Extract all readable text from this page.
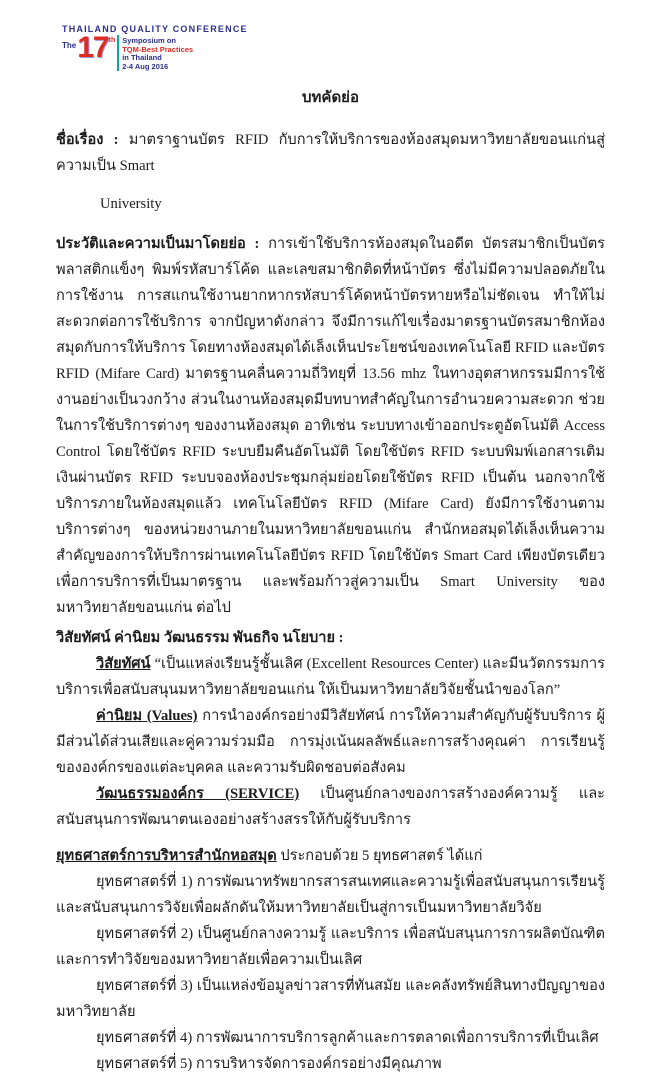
THAILAND QUALITY CONFERENCE
The 17 th Symposium on
TQM-Best Practices
in Thailand
2-4 Aug 2016
บทคัดย่อ

ชื่อเรื่อง : มาตราฐานบัตร RFID กับการให้บริการของห้องสมุดมหาวิทยาลัยขอนแก่นสู่ความเป็น Smart

University

ประวัติและความเป็นมาโดยย่อ : การเข้าใช้บริการห้องสมุดในอดีต บัตรสมาชิกเป็นบัตรพลาสติกแข็งๆ พิมพ์รหัสบาร์โค้ด และเลขสมาชิกติดที่หน้าบัตร ซึ่งไม่มีความปลอดภัยในการใช้งาน การสแกนใช้งานยากหากรหัสบาร์โค้ดหน้าบัตรหายหรือไม่ชัดเจน ทำให้ไม่สะดวกต่อการใช้บริการ จากปัญหาดังกล่าว จึงมีการแก้ไขเรื่องมาตรฐานบัตรสมาชิกห้องสมุดกับการให้บริการ โดยทางห้องสมุดได้เล็งเห็นประโยชน์ของเทคโนโลยี RFID และบัตร RFID (Mifare Card) มาตรฐานคลื่นความถี่วิทยุที่ 13.56 mhz ในทางอุตสาหกรรมมีการใช้งานอย่างเป็นวงกว้าง ส่วนในงานห้องสมุดมีบทบาทสำคัญในการอำนวยความสะดวก ช่วยในการใช้บริการต่างๆ ของงานห้องสมุด อาทิเช่น ระบบทางเข้าออกประตูอัตโนมัติ Access Control โดยใช้บัตร RFID ระบบยืมคืนอัตโนมัติ โดยใช้บัตร RFID ระบบพิมพ์เอกสารเติมเงินผ่านบัตร RFID ระบบจองห้องประชุมกลุ่มย่อยโดยใช้บัตร RFID เป็นต้น นอกจากใช้บริการภายในห้องสมุดแล้ว เทคโนโลยีบัตร RFID (Mifare Card) ยังมีการใช้งานตามบริการต่างๆ ของหน่วยงานภายในมหาวิทยาลัยขอนแก่น สำนักหอสมุดได้เล็งเห็นความสำคัญของการให้บริการผ่านเทคโนโลยีบัตร RFID โดยใช้บัตร Smart Card เพียงบัตรเดียวเพื่อการบริการที่เป็นมาตรฐาน และพร้อมก้าวสู่ความเป็น Smart University ของมหาวิทยาลัยขอนแก่น ต่อไป

วิสัยทัศน์ ค่านิยม วัฒนธรรม พันธกิจ นโยบาย :

วิสัยทัศน์ “เป็นแหล่งเรียนรู้ชั้นเลิศ (Excellent Resources Center) และมีนวัตกรรมการบริการเพื่อสนับสนุนมหาวิทยาลัยขอนแก่น ให้เป็นมหาวิทยาลัยวิจัยชั้นนำของโลก”

ค่านิยม (Values) การนำองค์กรอย่างมีวิสัยทัศน์ การให้ความสำคัญกับผู้รับบริการ ผู้มีส่วนได้ส่วนเสียและคู่ความร่วมมือ การมุ่งเน้นผลลัพธ์และการสร้างคุณค่า การเรียนรู้ขององค์กรของแต่ละบุคคล และความรับผิดชอบต่อสังคม

วัฒนธรรมองค์กร (SERVICE) เป็นศูนย์กลางของการสร้างองค์ความรู้ และสนับสนุนการพัฒนาตนเองอย่างสร้างสรรให้กับผู้รับบริการ

ยุทธศาสตร์การบริหารสำนักหอสมุด ประกอบด้วย 5 ยุทธศาสตร์ ได้แก่

ยุทธศาสตร์ที่ 1) การพัฒนาทรัพยากรสารสนเทศและความรู้เพื่อสนับสนุนการเรียนรู้ และสนับสนุนการวิจัยเพื่อผลักดันให้มหาวิทยาลัยเป็นสู่การเป็นมหาวิทยาลัยวิจัย

ยุทธศาสตร์ที่ 2) เป็นศูนย์กลางความรู้ และบริการ เพื่อสนับสนุนการการผลิตบัณฑิตและการทำวิจัยของมหาวิทยาลัยเพื่อความเป็นเลิศ

ยุทธศาสตร์ที่ 3) เป็นแหล่งข้อมูลข่าวสารที่ทันสมัย และคลังทรัพย์สินทางปัญญาของมหาวิทยาลัย

ยุทธศาสตร์ที่ 4) การพัฒนาการบริการลูกค้าและการตลาดเพื่อการบริการที่เป็นเลิศ

ยุทธศาสตร์ที่ 5) การบริหารจัดการองค์กรอย่างมีคุณภาพ
